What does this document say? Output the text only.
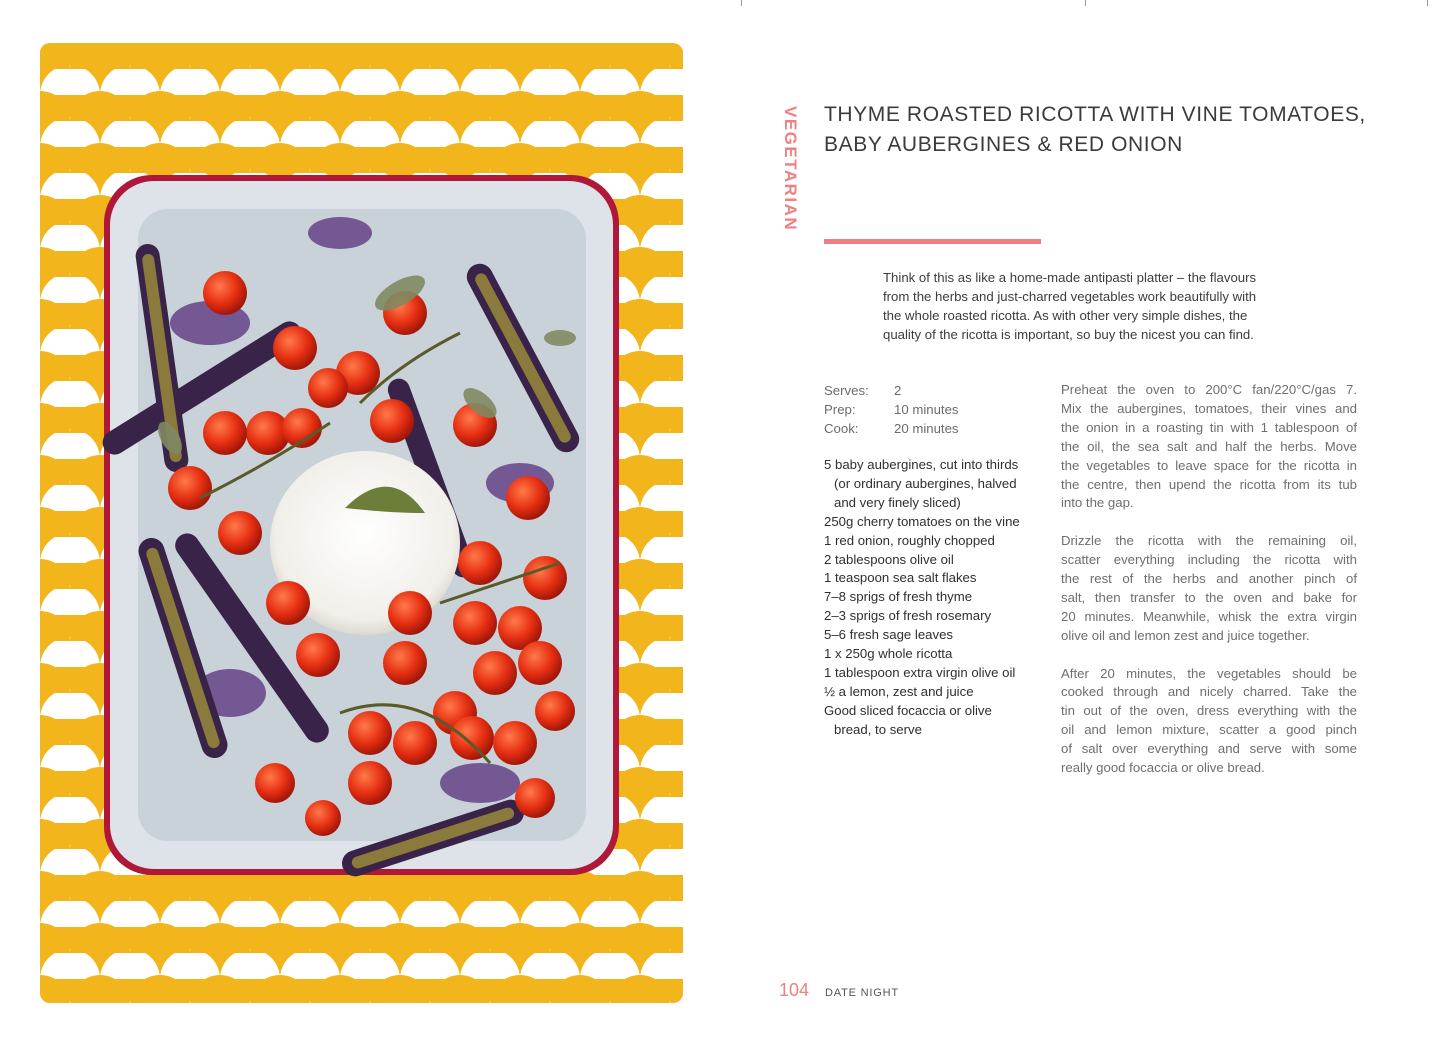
VEGETARIAN THYME ROASTED RICOTTA WITH VINE TOMATOES,
BABY AUBERGINES & RED ONION

Think of this as like a home-made antipasti platter – the flavours
from the herbs and just-charred vegetables work beautifully with
the whole roasted ricotta. As with other very simple dishes, the
quality of the ricotta is important, so buy the nicest you can find.

Serves:	2
Prep:	10 minutes
Cook:	20 minutes
5 baby aubergines, cut into thirds
(or ordinary aubergines, halved
and very finely sliced)
250g cherry tomatoes on the vine
1 red onion, roughly chopped
2 tablespoons olive oil
1 teaspoon sea salt flakes
7–8 sprigs of fresh thyme
2–3 sprigs of fresh rosemary
5–6 fresh sage leaves
1 x 250g whole ricotta
1 tablespoon extra virgin olive oil
½ a lemon, zest and juice
Good sliced focaccia or olive
bread, to serve

Preheat the oven to 200°C fan/220°C/gas 7.
Mix the aubergines, tomatoes, their vines and
the onion in a roasting tin with 1 tablespoon of
the oil, the sea salt and half the herbs. Move
the vegetables to leave space for the ricotta in
the centre, then upend the ricotta from its tub
into the gap.

Drizzle the ricotta with the remaining oil,
scatter everything including the ricotta with
the rest of the herbs and another pinch of
salt, then transfer to the oven and bake for
20 minutes. Meanwhile, whisk the extra virgin
olive oil and lemon zest and juice together.

After 20 minutes, the vegetables should be
cooked through and nicely charred. Take the
tin out of the oven, dress everything with the
oil and lemon mixture, scatter a good pinch
of salt over everything and serve with some
really good focaccia or olive bread.

104 DATE NIGHT
